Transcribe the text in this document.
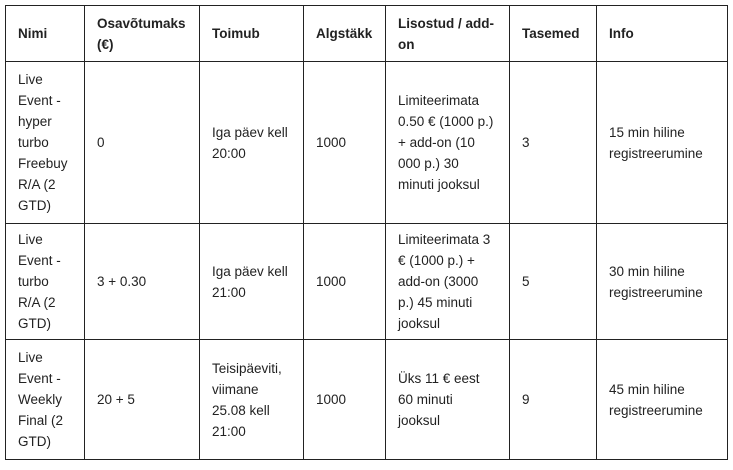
Nimi	Osavõtumaks (€)	Toimub	Algstäkk	Lisostud / add-on	Tasemed	Info
Live Event - hyper turbo Freebuy R/A (2 GTD)	0	Iga päev kell 20:00	1000	Limiteerimata 0.50 € (1000 p.) + add-on (10 000 p.) 30 minuti jooksul	3	15 min hiline registreerumine
Live Event - turbo R/A (2 GTD)	3 + 0.30	Iga päev kell 21:00	1000	Limiteerimata 3 € (1000 p.) + add-on (3000 p.) 45 minuti jooksul	5	30 min hiline registreerumine
Live Event - Weekly Final (2 GTD)	20 + 5	Teisipäeviti, viimane 25.08 kell 21:00	1000	Üks 11 € eest 60 minuti jooksul	9	45 min hiline registreerumine
